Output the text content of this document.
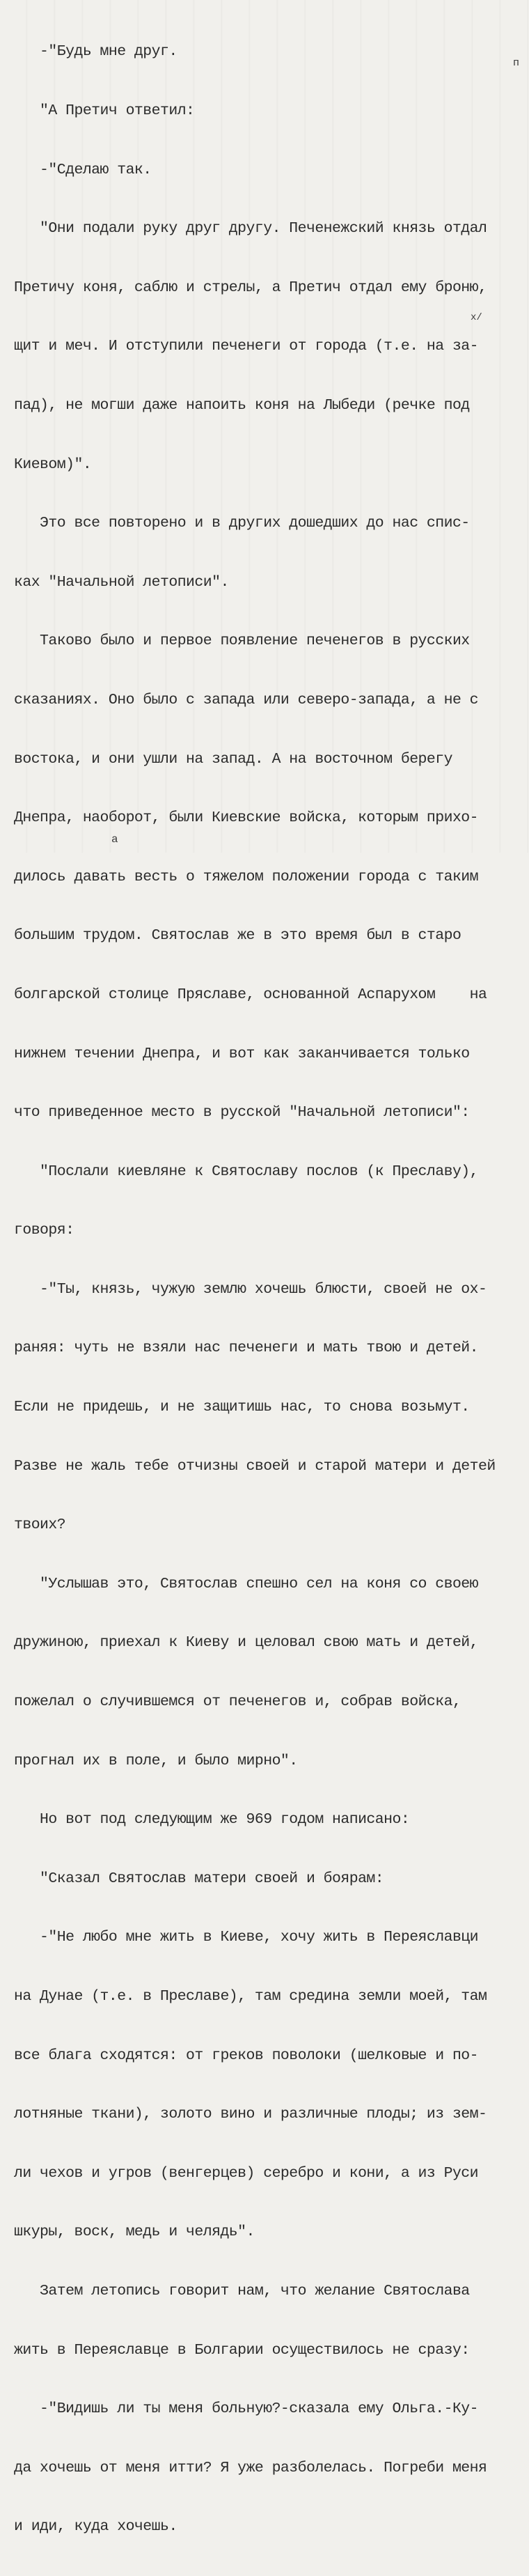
-"Будь мне друг.

"А Претич ответил:

-"Сделаю так.

"Они подали руку друг другу. Печенежский князь отдал

Претичу коня, саблю и стрелы, а Претич отдал ему броню,

щит и меч. И отступили печенеги от города (т.е. на за-

пад), не могши даже напоить коня на Лыбеди (речке под

Киевом)".

Это все повторено и в других дошедших до нас спис-

ках "Начальной летописи".

Таково было и первое появление печенегов в русских

сказаниях. Оно было с запада или северо-запада, а не с

востока, и они ушли на запад. А на восточном берегу

Днепра, наоборот, были Киевские войска, которым прихо-

дилось давать весть о тяжелом положении города с таким

большим трудом. Святослав же в это время был в старо

болгарской столице Пряславе, основанной Аспарухом    на

нижнем течении Днепра, и вот как заканчивается только

что приведенное место в русской "Начальной летописи":

"Послали киевляне к Святославу послов (к Преславу),

говоря:

-"Ты, князь, чужую землю хочешь блюсти, своей не ох-

раняя: чуть не взяли нас печенеги и мать твою и детей.

Если не придешь, и не защитишь нас, то снова возьмут.

Разве не жаль тебе отчизны своей и старой матери и детей

твоих?

"Услышав это, Святослав спешно сел на коня со своею

дружиною, приехал к Киеву и целовал свою мать и детей,

пожелал о случившемся от печенегов и, собрав войска,

прогнал их в поле, и было мирно".

Но вот под следующим же 969 годом написано:

"Сказал Святослав матери своей и боярам:

-"Не любо мне жить в Киеве, хочу жить в Переяславци

на Дунае (т.е. в Преславе), там средина земли моей, там

все блага сходятся: от греков поволоки (шелковые и по-

лотняные ткани), золото вино и различные плоды; из зем-

ли чехов и угров (венгерцев) серебро и кони, а из Руси

шкуры, воск, медь и челядь".

Затем летопись говорит нам, что желание Святослава

жить в Переяславце в Болгарии осуществилось не сразу:

-"Видишь ли ты меня больную?-сказала ему Ольга.-Ку-

да хочешь от меня итти? Я уже разболелась. Погреби меня

и иди, куда хочешь.

п
х/
а
